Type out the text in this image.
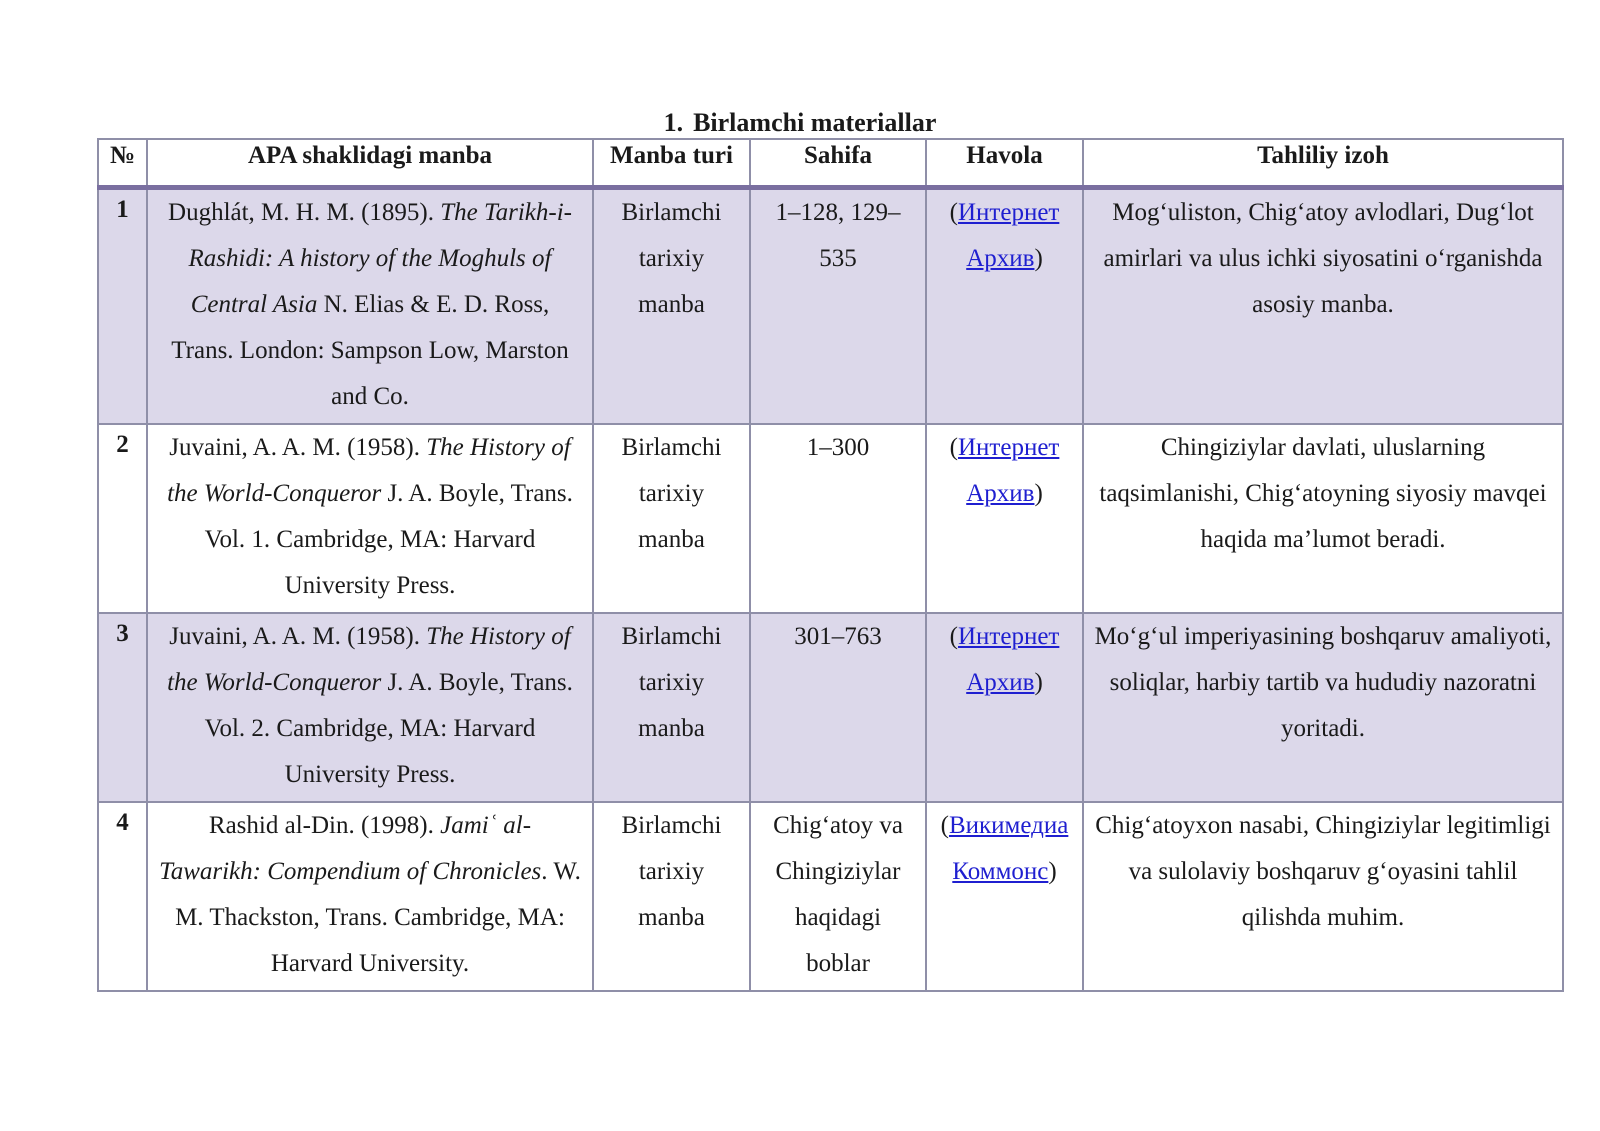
1. Birlamchi materiallar
№	APA shaklidagi manba	Manba turi	Sahifa	Havola	Tahliliy izoh
1	Dughlát, M. H. M. (1895). The Tarikh-i-Rashidi: A history of the Moghuls of Central Asia N. Elias & E. D. Ross, Trans. London: Sampson Low, Marston and Co.	Birlamchi tarixiy manba	1–128, 129–535	(Интернет Архив)	Mog‘uliston, Chig‘atoy avlodlari, Dug‘lot amirlari va ulus ichki siyosatini o‘rganishda asosiy manba.
2	Juvaini, A. A. M. (1958). The History of the World-Conqueror J. A. Boyle, Trans. Vol. 1. Cambridge, MA: Harvard University Press.	Birlamchi tarixiy manba	1–300	(Интернет Архив)	Chingiziylar davlati, uluslarning taqsimlanishi, Chig‘atoyning siyosiy mavqei haqida ma’lumot beradi.
3	Juvaini, A. A. M. (1958). The History of the World-Conqueror J. A. Boyle, Trans. Vol. 2. Cambridge, MA: Harvard University Press.	Birlamchi tarixiy manba	301–763	(Интернет Архив)	Mo‘g‘ul imperiyasining boshqaruv amaliyoti, soliqlar, harbiy tartib va hududiy nazoratni yoritadi.
4	Rashid al-Din. (1998). Jamiʿ al-Tawarikh: Compendium of Chronicles. W. M. Thackston, Trans. Cambridge, MA: Harvard University.	Birlamchi tarixiy manba	Chig‘atoy va Chingiziylar haqidagi boblar	(Викимедиа Коммонс)	Chig‘atoyxon nasabi, Chingiziylar legitimligi va sulolaviy boshqaruv g‘oyasini tahlil qilishda muhim.
